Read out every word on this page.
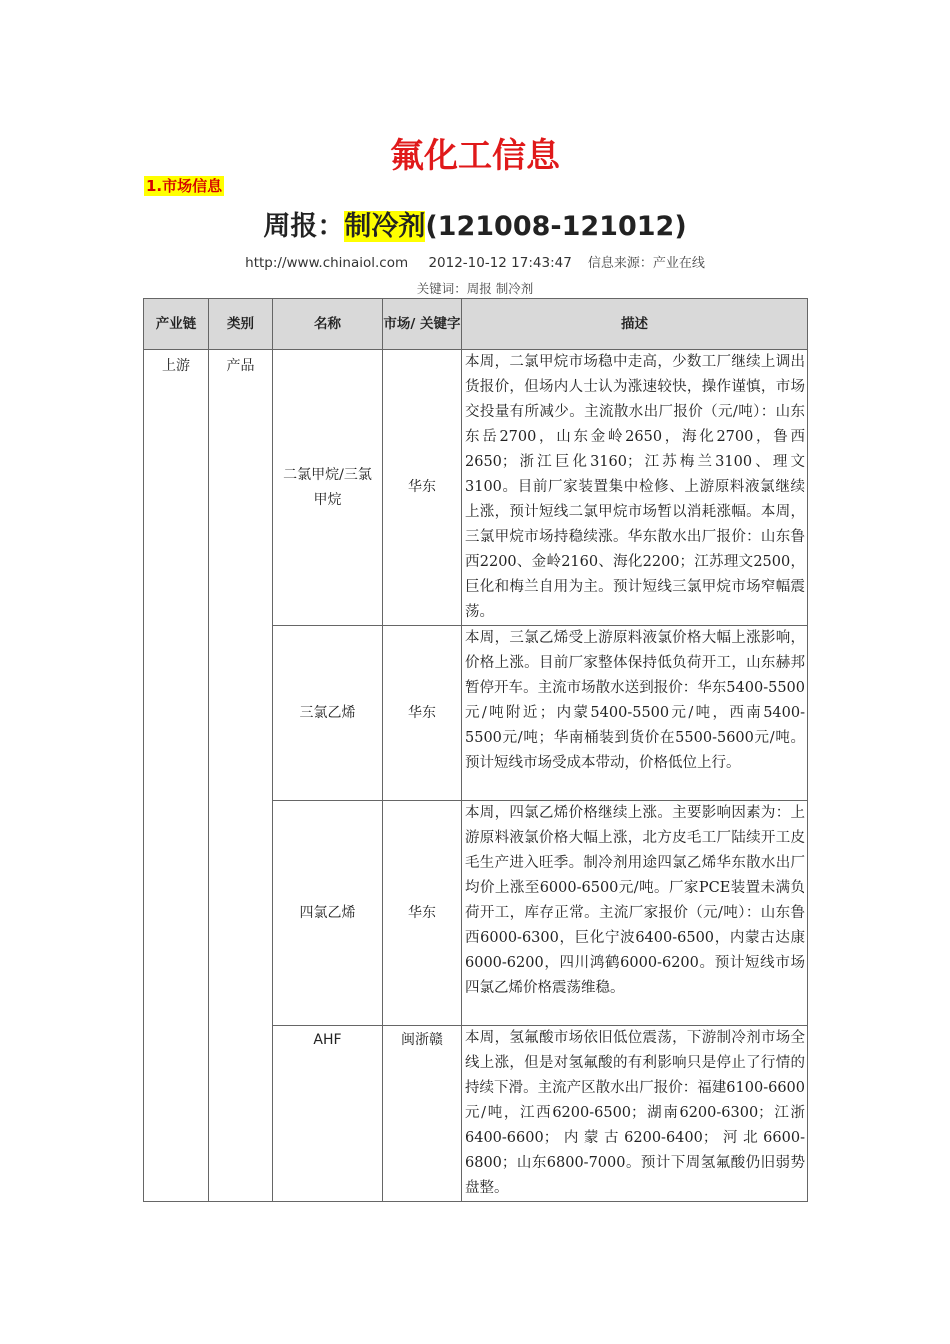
氟化工信息
1.市场信息
周报：制冷剂(121008-121012)
http://www.chinaiol.com 2012-10-12 17:43:47 信息来源：产业在线
关键词：周报 制冷剂
产业链	类别	名称	市场/ 关键字	描述
上游	产品	二氯甲烷/三氯甲烷	华东	本周，二氯甲烷市场稳中走高，少数工厂继续上调出货报价，但场内人士认为涨速较快，操作谨慎，市场交投量有所减少。主流散水出厂报价（元/吨）：山东东岳2700，山东金岭2650，海化2700，鲁西2650；浙江巨化3160；江苏梅兰3100、理文3100。目前厂家装置集中检修、上游原料液氯继续上涨，预计短线二氯甲烷市场暂以消耗涨幅。本周，三氯甲烷市场持稳续涨。华东散水出厂报价：山东鲁西2200、金岭2160、海化2200；江苏理文2500，巨化和梅兰自用为主。预计短线三氯甲烷市场窄幅震荡。
		三氯乙烯	华东	本周，三氯乙烯受上游原料液氯价格大幅上涨影响，价格上涨。目前厂家整体保持低负荷开工，山东赫邦暂停开车。主流市场散水送到报价：华东5400-5500元/吨附近；内蒙5400-5500元/吨，西南5400-5500元/吨；华南桶装到货价在5500-5600元/吨。预计短线市场受成本带动，价格低位上行。
		四氯乙烯	华东	本周，四氯乙烯价格继续上涨。主要影响因素为：上游原料液氯价格大幅上涨，北方皮毛工厂陆续开工皮毛生产进入旺季。制冷剂用途四氯乙烯华东散水出厂均价上涨至6000-6500元/吨。厂家PCE装置未满负荷开工，库存正常。主流厂家报价（元/吨）：山东鲁西6000-6300，巨化宁波6400-6500，内蒙古达康6000-6200，四川鸿鹤6000-6200。预计短线市场四氯乙烯价格震荡维稳。
		AHF	闽浙赣	本周，氢氟酸市场依旧低位震荡，下游制冷剂市场全线上涨，但是对氢氟酸的有利影响只是停止了行情的持续下滑。主流产区散水出厂报价：福建6100-6600元/吨，江西6200-6500；湖南6200-6300；江浙6400-6600；内蒙古6200-6400；河北6600-6800；山东6800-7000。预计下周氢氟酸仍旧弱势盘整。
